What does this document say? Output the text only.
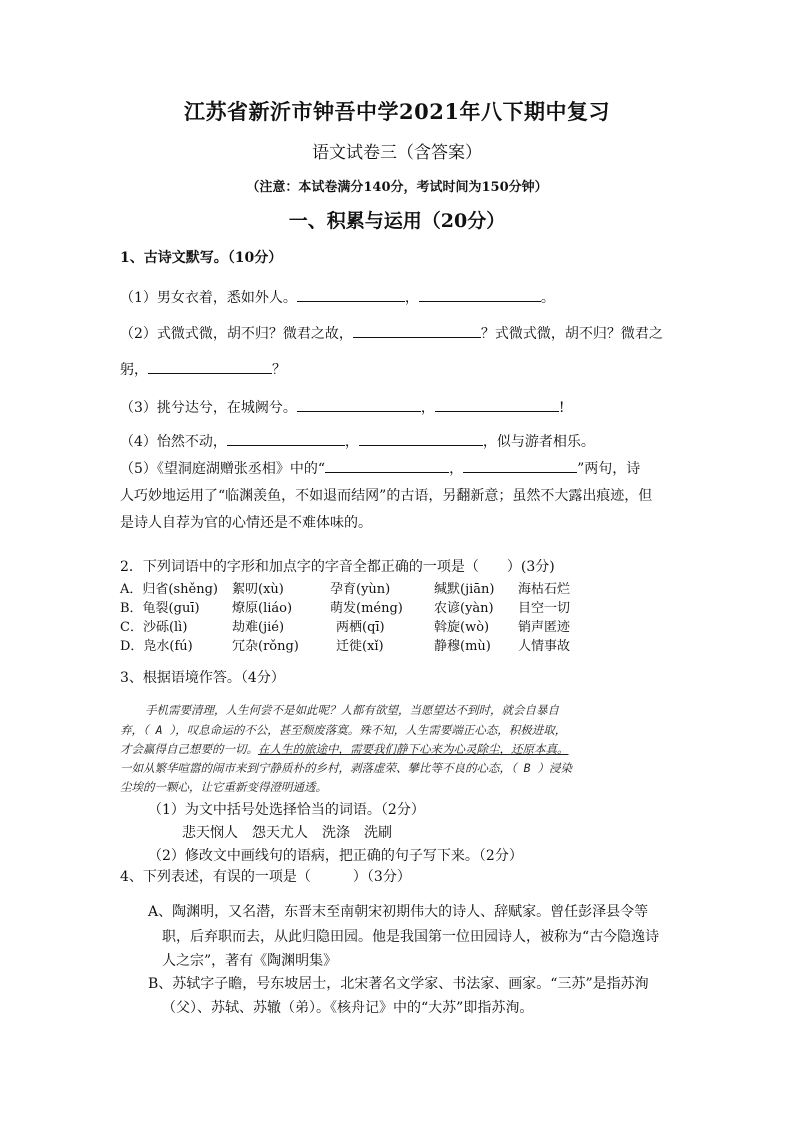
江苏省新沂市钟吾中学2021年八下期中复习
语文试卷三（含答案）
（注意：本试卷满分140分，考试时间为150分钟）
一、积累与运用（20分）
1、古诗文默写。（10分）
（1）男女衣着，悉如外人。	，	。
（2）式微式微，胡不归？微君之故，	？式微式微，胡不归？微君之
躬，	？
（3）挑兮达兮，在城阙兮。	，	!
（4）怡然不动，	，	，似与游者相乐。
（5）《望洞庭湖赠张丞相》中的“	，	”两句，诗
人巧妙地运用了“临渊羡鱼，不如退而结网”的古语，另翻新意；虽然不大露出痕迹，但
是诗人自荐为官的心情还是不难体味的。
2．下列词语中的字形和加点字的字音全都正确的一项是（　　）(3分)
A．归省(shěng) 絮叨(xù)	孕育(yùn)	缄默(jiān) 海枯石烂
B．龟裂(guī) 燎原(liáo)	萌发(méng) 农谚(yàn) 目空一切
C．沙砾(lì)	劫难(jié)	两栖(qī)	斡旋(wò) 销声匿迹
D．凫水(fú)	冗杂(rǒng)	迁徙(xǐ)	静穆(mù) 人情事故
3、根据语境作答。（4分）
手机需要清理，人生何尝不是如此呢？人都有欲望，当愿望达不到时，就会自暴自
弃，（ A ），叹息命运的不公，甚至颓废落寞。殊不知，人生需要端正心态，积极进取，
才会赢得自己想要的一切。在人生的旅途中，需要我们静下心来为心灵除尘，还原本真。
一如从繁华喧嚣的闹市来到宁静质朴的乡村，剥落虚荣、攀比等不良的心态，（ B ）浸染
尘埃的一颗心，让它重新变得澄明通透。
（1）为文中括号处选择恰当的词语。（2分）
悲天悯人　怨天尤人　洗涤　洗刷
（2）修改文中画线句的语病，把正确的句子写下来。（2分）
4、下列表述，有误的一项是（　　　）（3分）
A、陶渊明，又名潜，东晋末至南朝宋初期伟大的诗人、辞赋家。曾任彭泽县令等
职，后弃职而去，从此归隐田园。他是我国第一位田园诗人，被称为“古今隐逸诗
人之宗”，著有《陶渊明集》
B、苏轼字子瞻，号东坡居士，北宋著名文学家、书法家、画家。“三苏”是指苏洵
（父）、苏轼、苏辙（弟）。《核舟记》中的“大苏”即指苏洵。
